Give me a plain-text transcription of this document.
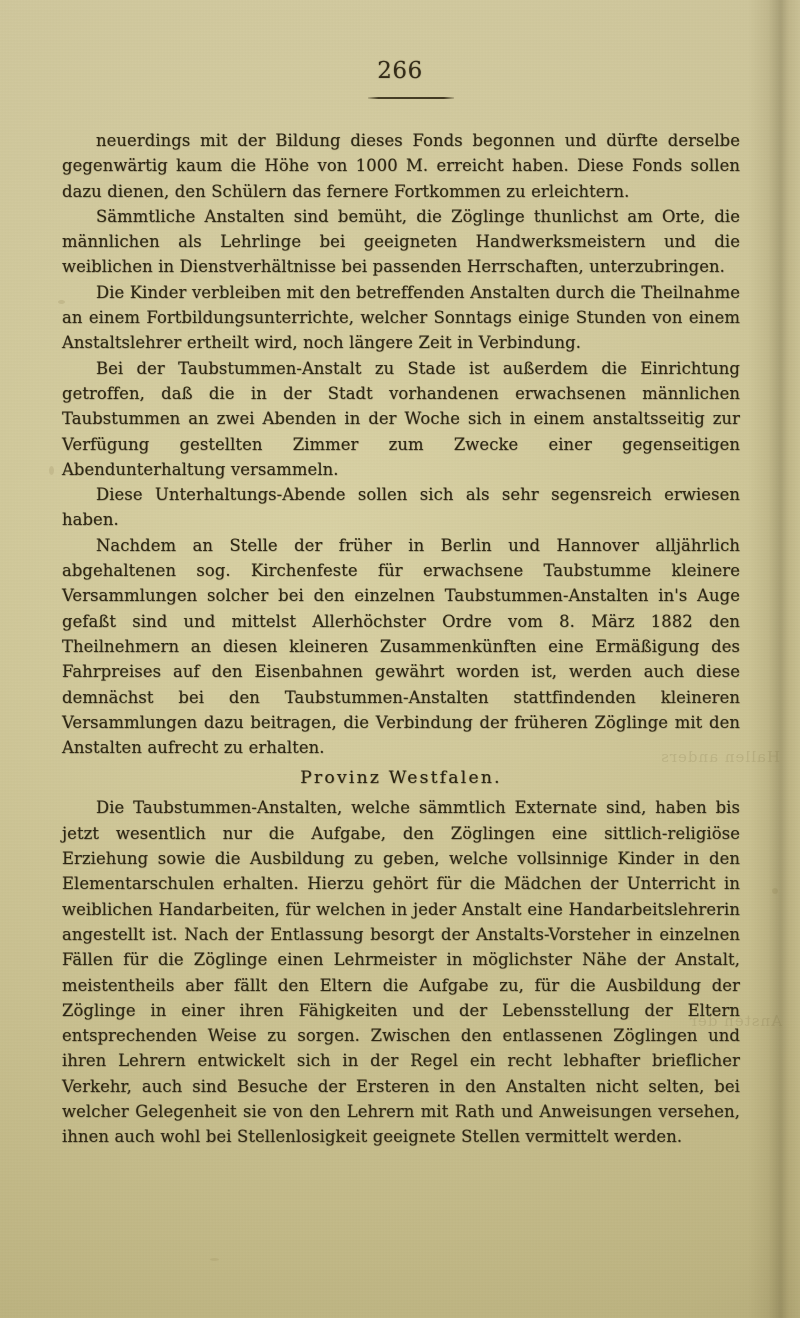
Hallen anders
Ansten der
266

neuerdings mit der Bildung dieses Fonds begonnen und dürfte derselbe gegenwärtig kaum die Höhe von 1000 M. erreicht haben. Diese Fonds sollen dazu dienen, den Schülern das fernere Fortkommen zu erleichtern.

Sämmtliche Anstalten sind bemüht, die Zöglinge thunlichst am Orte, die männlichen als Lehrlinge bei geeigneten Handwerksmeistern und die weiblichen in Dienstverhältnisse bei passenden Herrschaften, unterzubringen.

Die Kinder verbleiben mit den betreffenden Anstalten durch die Theilnahme an einem Fortbildungsunterrichte, welcher Sonntags einige Stunden von einem Anstaltslehrer ertheilt wird, noch längere Zeit in Verbindung.

Bei der Taubstummen-Anstalt zu Stade ist außerdem die Einrichtung getroffen, daß die in der Stadt vorhandenen erwachsenen männlichen Taubstummen an zwei Abenden in der Woche sich in einem anstaltsseitig zur Verfügung gestellten Zimmer zum Zwecke einer gegenseitigen Abendunterhaltung versammeln.

Diese Unterhaltungs-Abende sollen sich als sehr segensreich erwiesen haben.

Nachdem an Stelle der früher in Berlin und Hannover alljährlich abgehaltenen sog. Kirchenfeste für erwachsene Taubstumme kleinere Versammlungen solcher bei den einzelnen Taubstummen-Anstalten in's Auge gefaßt sind und mittelst Allerhöchster Ordre vom 8. März 1882 den Theilnehmern an diesen kleineren Zusammenkünften eine Ermäßigung des Fahrpreises auf den Eisenbahnen gewährt worden ist, werden auch diese demnächst bei den Taubstummen-Anstalten stattfindenden kleineren Versammlungen dazu beitragen, die Verbindung der früheren Zöglinge mit den Anstalten aufrecht zu erhalten.

Provinz Westfalen.

Die Taubstummen-Anstalten, welche sämmtlich Externate sind, haben bis jetzt wesentlich nur die Aufgabe, den Zöglingen eine sittlich-religiöse Erziehung sowie die Ausbildung zu geben, welche vollsinnige Kinder in den Elementarschulen erhalten. Hierzu gehört für die Mädchen der Unterricht in weiblichen Handarbeiten, für welchen in jeder Anstalt eine Handarbeitslehrerin angestellt ist. Nach der Entlassung besorgt der Anstalts-Vorsteher in einzelnen Fällen für die Zöglinge einen Lehrmeister in möglichster Nähe der Anstalt, meistentheils aber fällt den Eltern die Aufgabe zu, für die Ausbildung der Zöglinge in einer ihren Fähigkeiten und der Lebensstellung der Eltern entsprechenden Weise zu sorgen. Zwischen den entlassenen Zöglingen und ihren Lehrern entwickelt sich in der Regel ein recht lebhafter brieflicher Verkehr, auch sind Besuche der Ersteren in den Anstalten nicht selten, bei welcher Gelegenheit sie von den Lehrern mit Rath und Anweisungen versehen, ihnen auch wohl bei Stellenlosigkeit geeignete Stellen vermittelt werden.
